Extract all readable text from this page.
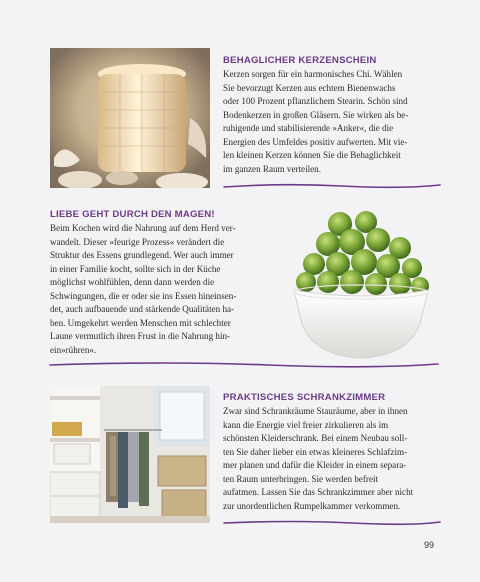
BEHAGLICHER KERZENSCHEIN
Kerzen sorgen für ein harmonisches Chi. Wählen
Sie bevorzugt Kerzen aus echtem Bienenwachs
oder 100 Prozent pflanzlichem Stearin. Schön sind
Bodenkerzen in großen Gläsern. Sie wirken als be-
ruhigende und stabilisierende »Anker«, die die
Energien des Umfeldes positiv aufwerten. Mit vie-
len kleinen Kerzen können Sie die Behaglichkeit
im ganzen Raum verteilen.
LIEBE GEHT DURCH DEN MAGEN!
Beim Kochen wird die Nahrung auf dem Herd ver-
wandelt. Dieser »feurige Prozess« verändert die
Struktur des Essens grundlegend. Wer auch immer
in einer Familie kocht, sollte sich in der Küche
möglichst wohlfühlen, denn dann werden die
Schwingungen, die er oder sie ins Essen hineinsen-
det, auch aufbauende und stärkende Qualitäten ha-
ben. Umgekehrt werden Menschen mit schlechter
Laune vermutlich ihren Frust in die Nahrung hin-
ein»rühren«.
PRAKTISCHES SCHRANKZIMMER
Zwar sind Schrankräume Stauräume, aber in ihnen
kann die Energie viel freier zirkulieren als im
schönsten Kleiderschrank. Bei einem Neubau soll-
ten Sie daher lieber ein etwas kleineres Schlafzim-
mer planen und dafür die Kleider in einem separa-
ten Raum unterbringen. Sie werden befreit
aufatmen. Lassen Sie das Schrankzimmer aber nicht
zur unordentlichen Rumpelkammer verkommen.
99
